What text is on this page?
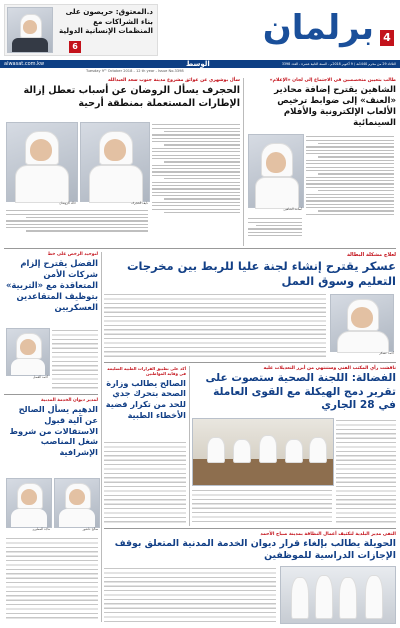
4
برلمان
د.المعتوق: حريصون على بناء الشراكات مع المنظمات الإنسانية الدولية
6
alwasat.com.kw	الوسط	الثلاثاء 29 من محرم 1440هـ / 9 أكتوبر 2018م - السنة الثانية عشرة - العدد 3398
Tuesday 9ᵗʰ October 2018 - 12 th year - Issue No.3398
طالب بتعيين متخصصين في الاجتماع إلى لجان «الإعلام»
الشاهين يقترح إضافة محاذير «العنف» إلى ضوابط ترخيص الألعاب الإلكترونية والأفلام السينمائية
أسامة الشاهين
سأل بوشهري عن عوائق مشروع مدينة جنوب سعد العبدالله
الحجرف يسأل الروضان عن أسباب تعطل إزالة الإطارات المستعملة بمنطقة أرحية
نايف الحجرف
خالد الروضان
لعلاج مشكلة البطالة
عسكر يقترح إنشاء لجنة عليا للربط بين مخرجات التعليم وسوق العمل
أحمد عسكر
لتوحيد الرخص على خط
الفضل يقترح إلزام شركات الأمن المتعاقدة مع «التربية» بتوظيف المتقاعدين العسكريين
أحمد الفضل
أكد على تطبيق القرارات الطبية السليمة في وقاية المواطنين
الصالح يطالب وزارة الصحة بتحرك جدي للحد من تكرار قضية الأخطاء الطبية
ناقشت رأي المكتب الفني وستنتهي من أبرز التعديلات عليه
الفضالة: اللجنة الصحية ستصوت على تقرير دمج الهيكلة مع القوى العاملة في 28 الجاري
لمدير ديوان الخدمة المدنية
الدهيم يسأل الصالح عن آلية قبول الاستقالات من شروط شغل المناصب الإشرافية
صالح عاشور
ماجد المطيري
التقى مدير البلدية لتكثيف أعمال النظافة بمدينة صباح الأحمد
الحويلة يطالب بإلغاء قرار ديوان الخدمة المدنية المتعلق بوقف الإجازات الدراسية للموظفين
